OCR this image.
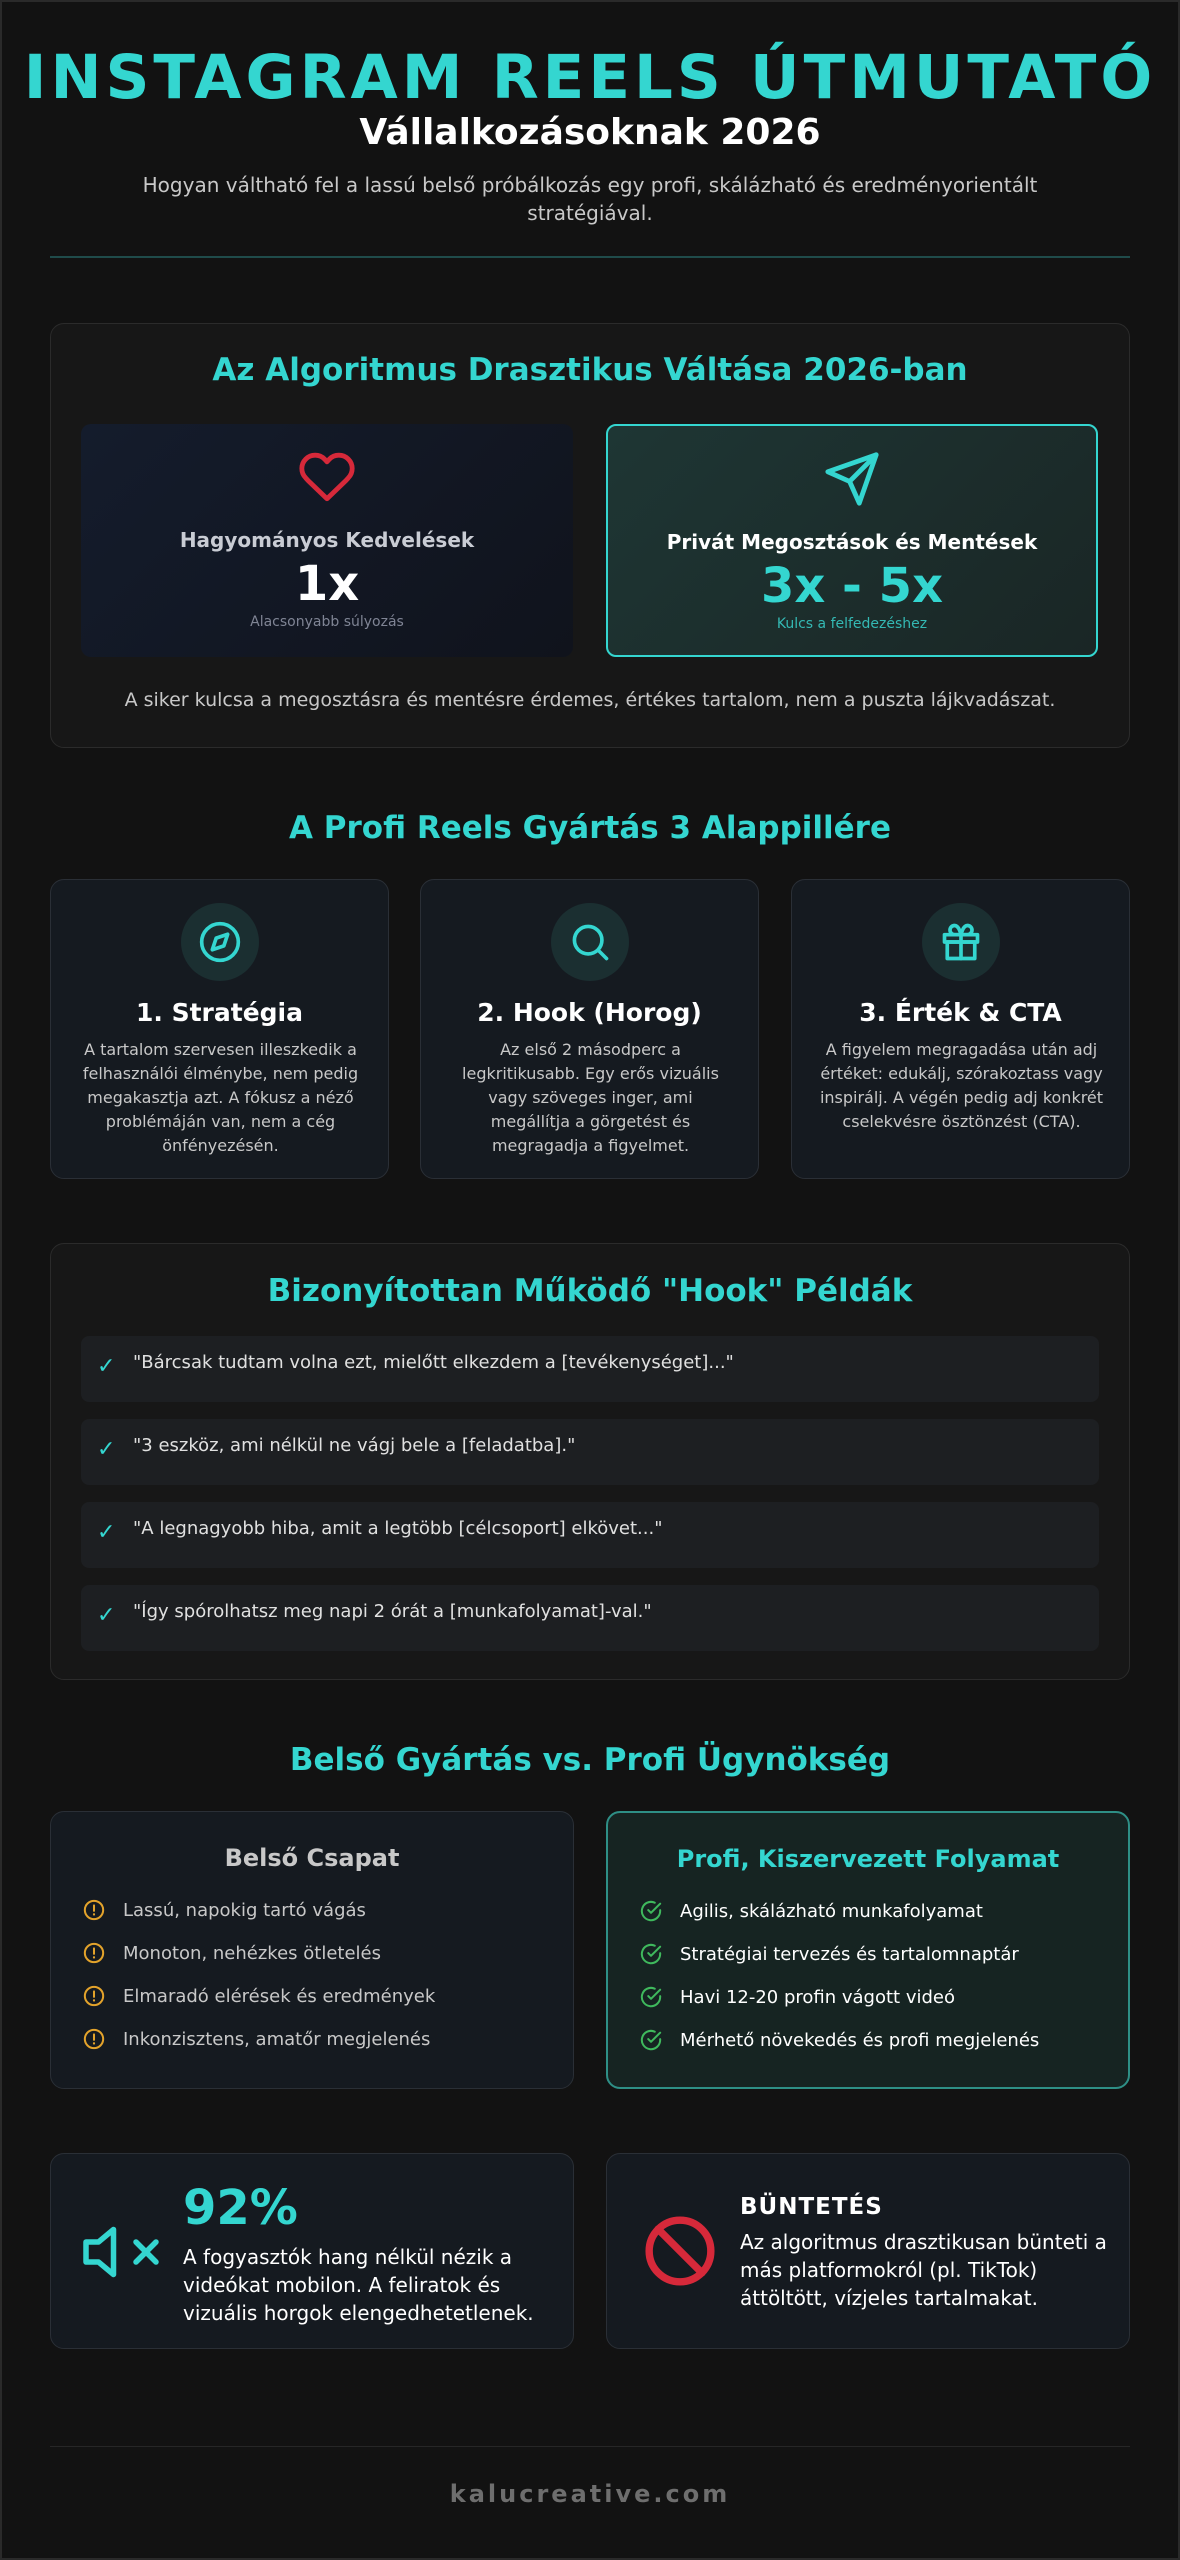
INSTAGRAM REELS ÚTMUTATÓ
Vállalkozásoknak 2026
Hogyan váltható fel a lassú belső próbálkozás egy profi, skálázható és eredményorientált stratégiával.
Az Algoritmus Drasztikus Váltása 2026-ban
Hagyományos Kedvelések
1x
Alacsonyabb súlyozás
Privát Megosztások és Mentések
3x - 5x
Kulcs a felfedezéshez
A siker kulcsa a megosztásra és mentésre érdemes, értékes tartalom, nem a puszta lájkvadászat.
A Profi Reels Gyártás 3 Alappillére
1. Stratégia
A tartalom szervesen illeszkedik a felhasználói élménybe, nem pedig megakasztja azt. A fókusz a néző problémáján van, nem a cég önfényezésén.
2. Hook (Horog)
Az első 2 másodperc a legkritikusabb. Egy erős vizuális vagy szöveges inger, ami megállítja a görgetést és megragadja a figyelmet.
3. Érték & CTA
A figyelem megragadása után adj értéket: edukálj, szórakoztass vagy inspirálj. A végén pedig adj konkrét cselekvésre ösztönzést (CTA).
Bizonyítottan Működő "Hook" Példák
✓ "Bárcsak tudtam volna ezt, mielőtt elkezdem a [tevékenységet]..."
✓ "3 eszköz, ami nélkül ne vágj bele a [feladatba]."
✓ "A legnagyobb hiba, amit a legtöbb [célcsoport] elkövet..."
✓ "Így spórolhatsz meg napi 2 órát a [munkafolyamat]-val."
Belső Gyártás vs. Profi Ügynökség
Belső Csapat
Lassú, napokig tartó vágás
Monoton, nehézkes ötletelés
Elmaradó elérések és eredmények
Inkonzisztens, amatőr megjelenés
Profi, Kiszervezett Folyamat
Agilis, skálázható munkafolyamat
Stratégiai tervezés és tartalomnaptár
Havi 12-20 profin vágott videó
Mérhető növekedés és profi megjelenés
92%
A fogyasztók hang nélkül nézik a videókat mobilon. A feliratok és vizuális horgok elengedhetetlenek.
BÜNTETÉS
Az algoritmus drasztikusan bünteti a más platformokról (pl. TikTok) áttöltött, vízjeles tartalmakat.
kalucreative.com
